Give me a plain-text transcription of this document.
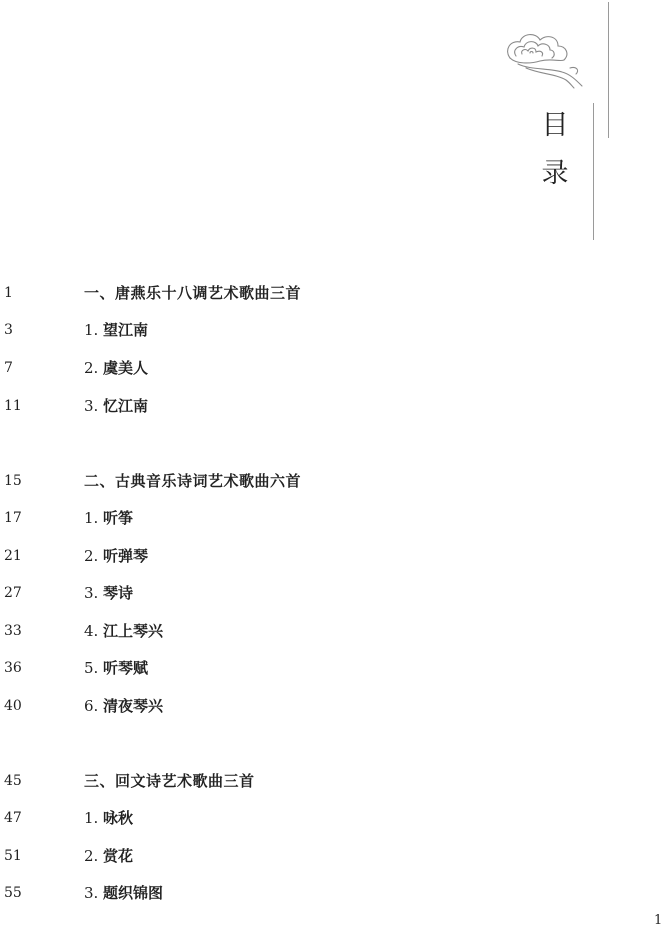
目
录
1	一、唐燕乐十八调艺术歌曲三首
3	1. 望江南
7	2. 虞美人
11	3. 忆江南
15	二、古典音乐诗词艺术歌曲六首
17	1. 听筝
21	2. 听弹琴
27	3. 琴诗
33	4. 江上琴兴
36	5. 听琴赋
40	6. 清夜琴兴
45	三、回文诗艺术歌曲三首
47	1. 咏秋
51	2. 赏花
55	3. 题织锦图
1
